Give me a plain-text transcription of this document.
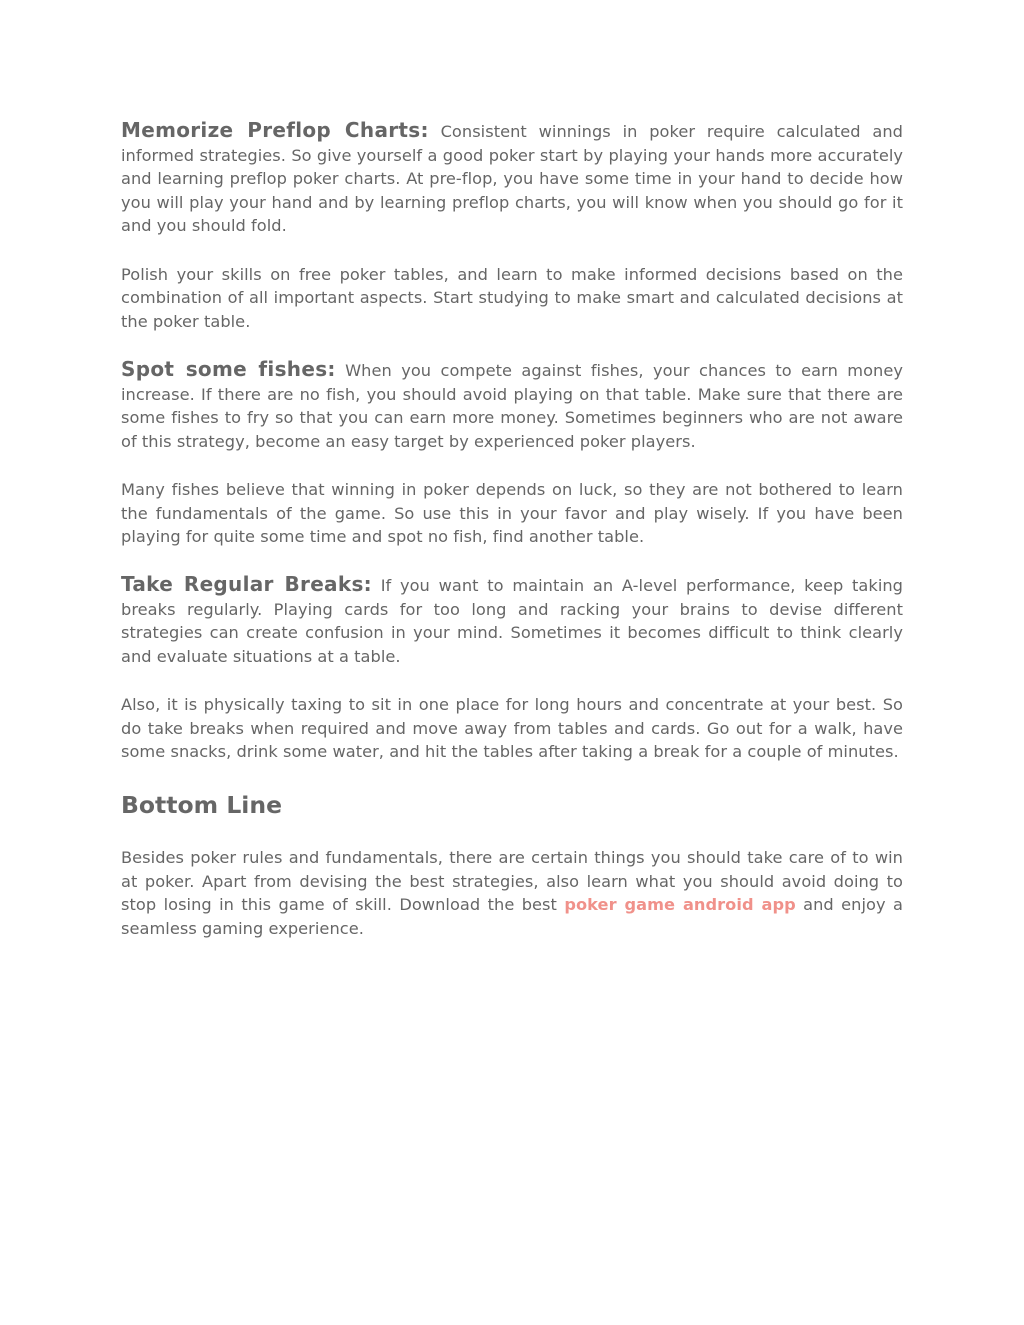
Memorize Preflop Charts: Consistent winnings in poker require calculated and informed strategies. So give yourself a good poker start by playing your hands more accurately and learning preflop poker charts. At pre-flop, you have some time in your hand to decide how you will play your hand and by learning preflop charts, you will know when you should go for it and you should fold.

Polish your skills on free poker tables, and learn to make informed decisions based on the combination of all important aspects. Start studying to make smart and calculated decisions at the poker table.

Spot some fishes: When you compete against fishes, your chances to earn money increase. If there are no fish, you should avoid playing on that table. Make sure that there are some fishes to fry so that you can earn more money. Sometimes beginners who are not aware of this strategy, become an easy target by experienced poker players.

Many fishes believe that winning in poker depends on luck, so they are not bothered to learn the fundamentals of the game. So use this in your favor and play wisely. If you have been playing for quite some time and spot no fish, find another table.

Take Regular Breaks: If you want to maintain an A-level performance, keep taking breaks regularly. Playing cards for too long and racking your brains to devise different strategies can create confusion in your mind. Sometimes it becomes difficult to think clearly and evaluate situations at a table.

Also, it is physically taxing to sit in one place for long hours and concentrate at your best. So do take breaks when required and move away from tables and cards. Go out for a walk, have some snacks, drink some water, and hit the tables after taking a break for a couple of minutes.

Bottom Line

Besides poker rules and fundamentals, there are certain things you should take care of to win at poker. Apart from devising the best strategies, also learn what you should avoid doing to stop losing in this game of skill. Download the best poker game android app and enjoy a seamless gaming experience.
